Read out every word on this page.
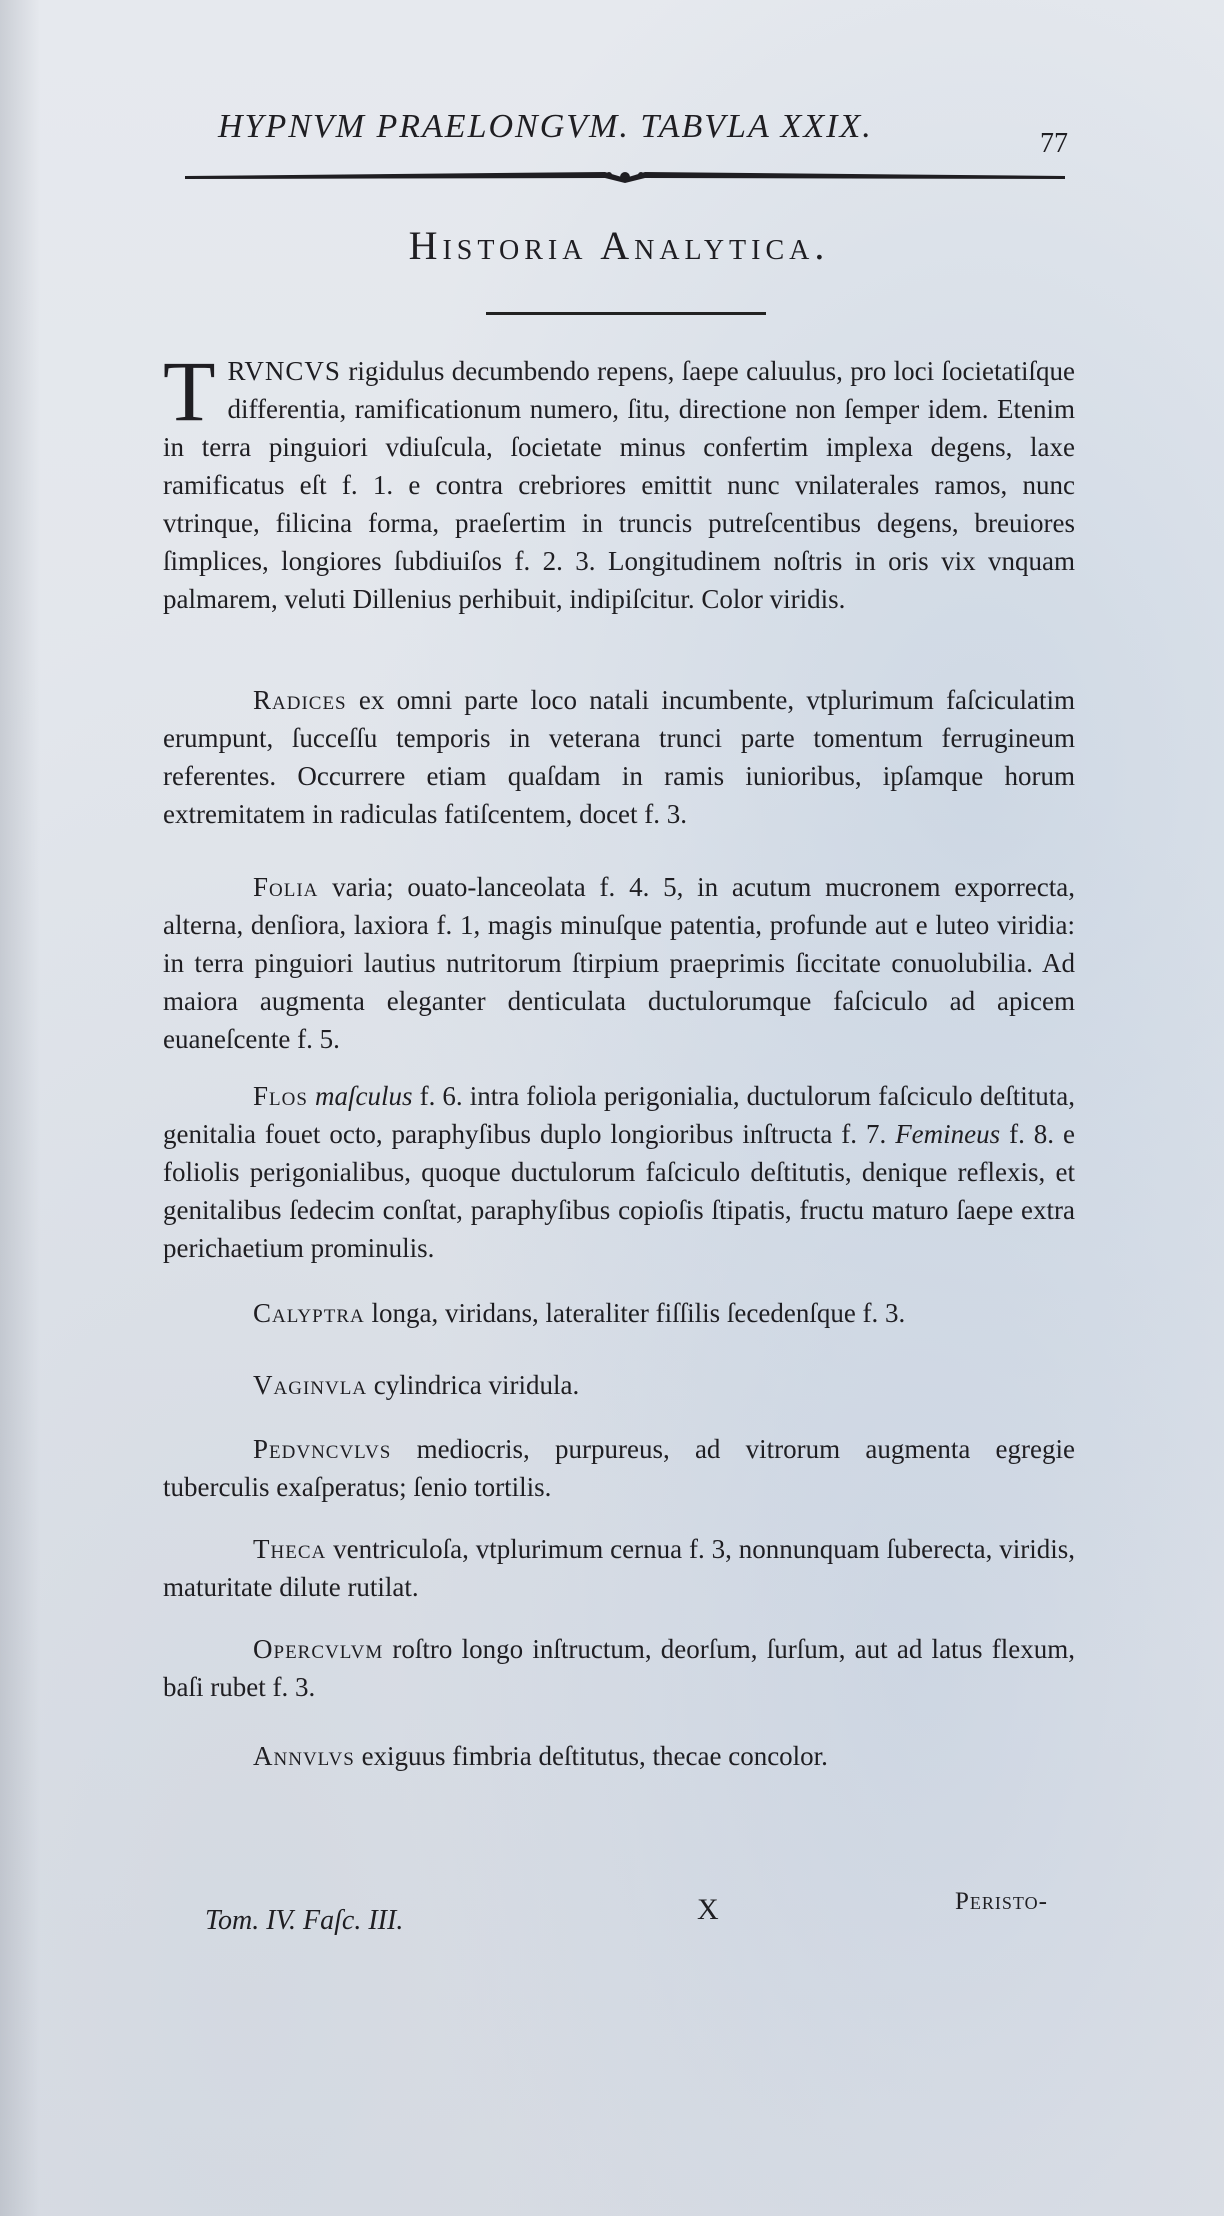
HYPNVM PRAELONGVM. TABVLA XXIX.	77
Historia Analytica.

TRVNCVS rigidulus decumbendo repens, ſaepe caluulus, pro loci ſocietatiſque differentia, ramificationum numero, ſitu, directione non ſemper idem. Etenim in terra pinguiori vdiuſcula, ſocietate minus confertim implexa degens, laxe ramificatus eſt f. 1. e contra crebriores emittit nunc vnilaterales ramos, nunc vtrinque, filicina forma, praeſertim in truncis putreſcentibus degens, breuiores ſimplices, longiores ſubdiuiſos f. 2. 3. Longitudinem noſtris in oris vix vnquam palmarem, veluti Dillenius perhibuit, indipiſcitur. Color viridis.

Radices ex omni parte loco natali incumbente, vtplurimum faſciculatim erumpunt, ſucceſſu temporis in veterana trunci parte tomentum ferrugineum referentes. Occurrere etiam quaſdam in ramis iunioribus, ipſamque horum extremitatem in radiculas fatiſcentem, docet f. 3.

Folia varia; ouato-lanceolata f. 4. 5, in acutum mucronem exporrecta, alterna, denſiora, laxiora f. 1, magis minuſque patentia, profunde aut e luteo viridia: in terra pinguiori lautius nutritorum ſtirpium praeprimis ſiccitate conuolubilia. Ad maiora augmenta eleganter denticulata ductulorumque faſciculo ad apicem euaneſcente f. 5.

Flos maſculus f. 6. intra foliola perigonialia, ductulorum faſciculo deſtituta, genitalia fouet octo, paraphyſibus duplo longioribus inſtructa f. 7. Femineus f. 8. e foliolis perigonialibus, quoque ductulorum faſciculo deſtitutis, denique reflexis, et genitalibus ſedecim conſtat, paraphyſibus copioſis ſtipatis, fructu maturo ſaepe extra perichaetium prominulis.

Calyptra longa, viridans, lateraliter fiſſilis ſecedenſque f. 3.

Vaginvla cylindrica viridula.

Pedvncvlvs mediocris, purpureus, ad vitrorum augmenta egregie tuberculis exaſperatus; ſenio tortilis.

Theca ventriculoſa, vtplurimum cernua f. 3, nonnunquam ſuberecta, viridis, maturitate dilute rutilat.

Opercvlvm roſtro longo inſtructum, deorſum, ſurſum, aut ad latus flexum, baſi rubet f. 3.

Annvlvs exiguus fimbria deſtitutus, thecae concolor.

Tom. IV. Faſc. III.	X	Peristo-
